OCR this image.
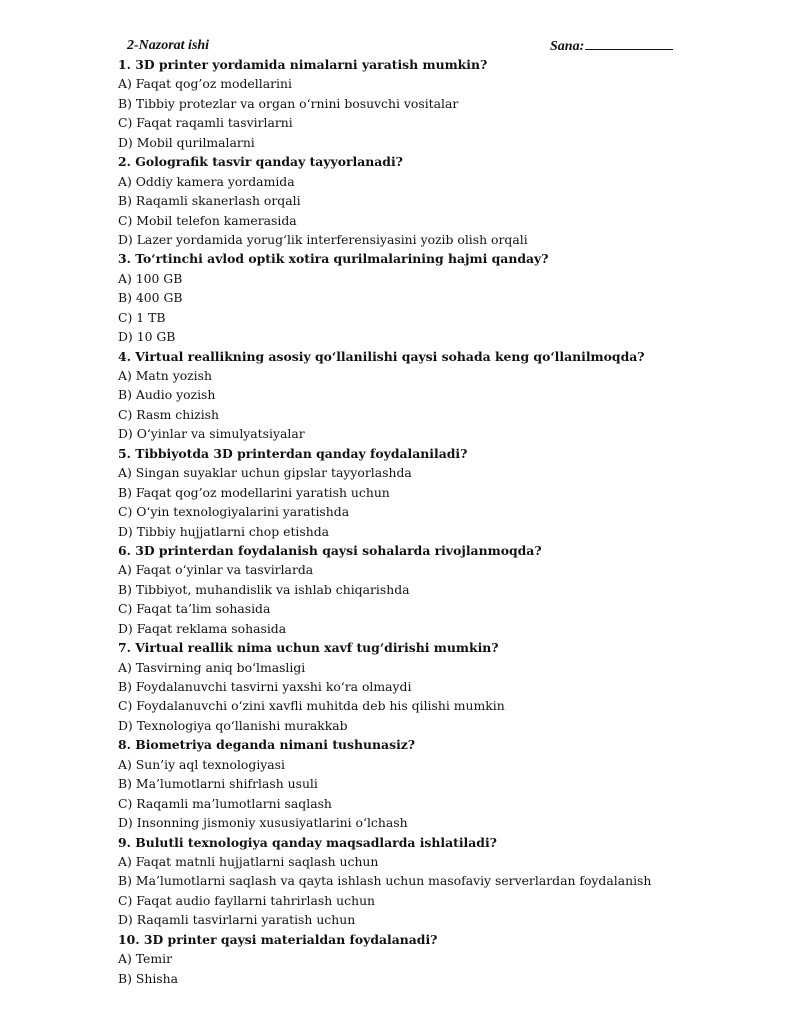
2-Nazorat ishi	Sana:
1. 3D printer yordamida nimalarni yaratish mumkin?
A) Faqat qog’oz modellarini
B) Tibbiy protezlar va organ o‘rnini bosuvchi vositalar
C) Faqat raqamli tasvirlarni
D) Mobil qurilmalarni
2. Golografik tasvir qanday tayyorlanadi?
A) Oddiy kamera yordamida
B) Raqamli skanerlash orqali
C) Mobil telefon kamerasida
D) Lazer yordamida yorug‘lik interferensiyasini yozib olish orqali
3. To‘rtinchi avlod optik xotira qurilmalarining hajmi qanday?
A) 100 GB
B) 400 GB
C) 1 TB
D) 10 GB
4. Virtual reallikning asosiy qo‘llanilishi qaysi sohada keng qo‘llanilmoqda?
A) Matn yozish
B) Audio yozish
C) Rasm chizish
D) O‘yinlar va simulyatsiyalar
5. Tibbiyotda 3D printerdan qanday foydalaniladi?
A) Singan suyaklar uchun gipslar tayyorlashda
B) Faqat qog’oz modellarini yaratish uchun
C) O‘yin texnologiyalarini yaratishda
D) Tibbiy hujjatlarni chop etishda
6. 3D printerdan foydalanish qaysi sohalarda rivojlanmoqda?
A) Faqat o‘yinlar va tasvirlarda
B) Tibbiyot, muhandislik va ishlab chiqarishda
C) Faqat ta’lim sohasida
D) Faqat reklama sohasida
7. Virtual reallik nima uchun xavf tug‘dirishi mumkin?
A) Tasvirning aniq bo‘lmasligi
B) Foydalanuvchi tasvirni yaxshi ko‘ra olmaydi
C) Foydalanuvchi o‘zini xavfli muhitda deb his qilishi mumkin
D) Texnologiya qo‘llanishi murakkab
8. Biometriya deganda nimani tushunasiz?
A) Sun’iy aql texnologiyasi
B) Ma’lumotlarni shifrlash usuli
C) Raqamli ma’lumotlarni saqlash
D) Insonning jismoniy xususiyatlarini o‘lchash
9. Bulutli texnologiya qanday maqsadlarda ishlatiladi?
A) Faqat matnli hujjatlarni saqlash uchun
B) Ma’lumotlarni saqlash va qayta ishlash uchun masofaviy serverlardan foydalanish
C) Faqat audio fayllarni tahrirlash uchun
D) Raqamli tasvirlarni yaratish uchun
10. 3D printer qaysi materialdan foydalanadi?
A) Temir
B) Shisha
